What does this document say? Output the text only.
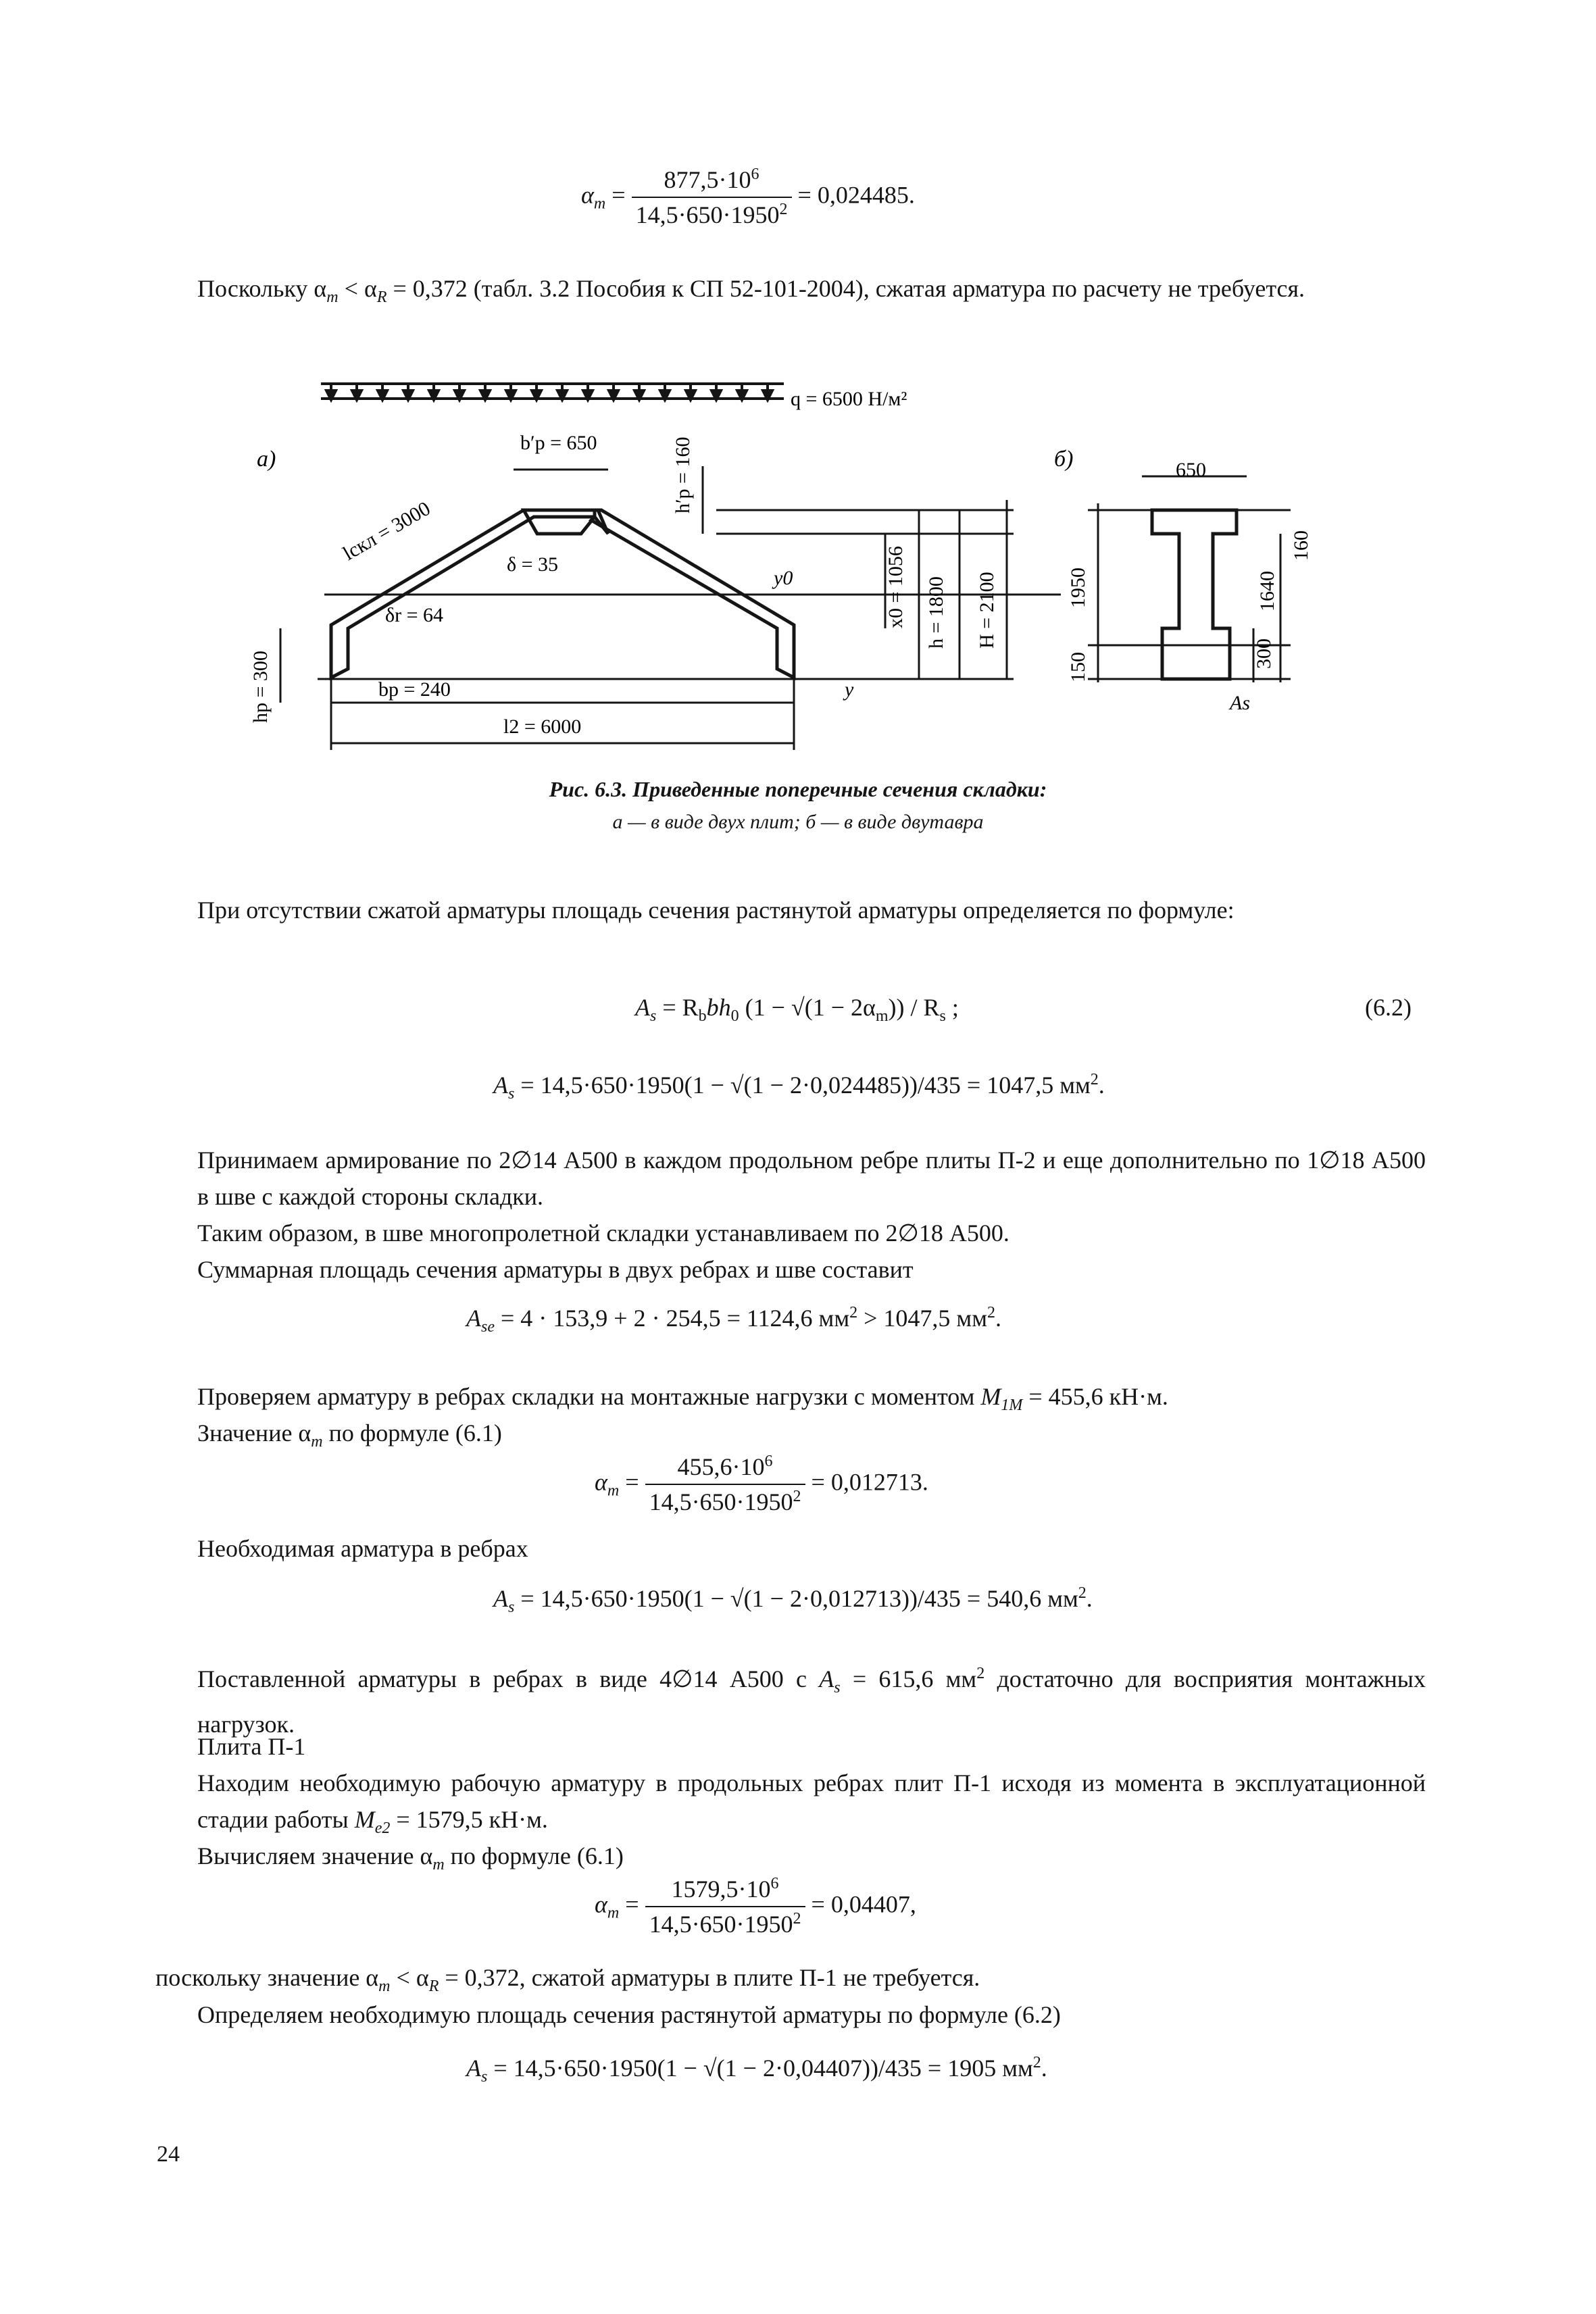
$\alpha_m = \frac{877,5\cdot 10^6}{14,5\cdot 650\cdot 1950^2} = 0,024485$.
Поскольку $\alpha_m < \alpha_R = 0,372$ (табл. 3.2 Пособия к СП 52-101-2004), сжатая арматура по расчету не требуется.
а)	б)
q = 6500 Н/м²
b′p = 650	h′p = 160
lскл = 3000	δ = 35
δr = 64
y0	x0 = 1056 h = 1800 H = 2100
hp = 300	bp = 240	y
l2 = 6000
650
1950
150
1640
160
300
As
Рис. 6.3. Приведенные поперечные сечения складки:
а — в виде двух плит; б — в виде двутавра
При отсутствии сжатой арматуры площадь сечения растянутой арматуры определяется по формуле:
$A_s = R_bbh_0$ $(1 - √(1 - 2\alpha_m)) / R_s$ ;	(6.2)
$A_s = 14,5\cdot 650\cdot 1950(1 - √(1 - 2\cdot 0,024485))/435 = 1047,5$ $мм^2$.
Принимаем армирование по 2∅14 А500 в каждом продольном ребре плиты П-2 и еще дополнительно по 1∅18 А500 в шве с каждой стороны складки.
Таким образом, в шве многопролетной складки устанавливаем по 2∅18 А500.
Суммарная площадь сечения арматуры в двух ребрах и шве составит
$A_{se} = 4 \cdot 153,9 + 2 \cdot 254,5 = 1124,6$ $мм^2 > 1047,5$ $мм^2$.
Проверяем арматуру в ребрах складки на монтажные нагрузки с моментом $M_{1M} = 455,6$ кН·м.
Значение $\alpha_m$ по формуле (6.1)
$\alpha_m = \frac{455,6\cdot 10^6}{14,5\cdot 650\cdot 1950^2} = 0,012713$.
Необходимая арматура в ребрах
$A_s = 14,5\cdot 650\cdot 1950(1 - √(1 - 2\cdot 0,012713))/435 = 540,6$ $мм^2$.
Поставленной арматуры в ребрах в виде 4∅14 А500 с $A_s = 615,6$ $мм^2$ достаточно для восприятия монтажных нагрузок.
Плита П-1
Находим необходимую рабочую арматуру в продольных ребрах плит П-1 исходя из момента в эксплуатационной стадии работы $M_{e2} = 1579,5$ кН·м.
Вычисляем значение $\alpha_m$ по формуле (6.1)
$\alpha_m = \frac{1579,5\cdot 10^6}{14,5\cdot 650\cdot 1950^2} = 0,04407$,
поскольку значение $\alpha_m < \alpha_R = 0,372$, сжатой арматуры в плите П-1 не требуется.
Определяем необходимую площадь сечения растянутой арматуры по формуле (6.2)
$A_s = 14,5\cdot 650\cdot 1950(1 - √(1 - 2\cdot 0,04407))/435 = 1905$ $мм^2$.
24
